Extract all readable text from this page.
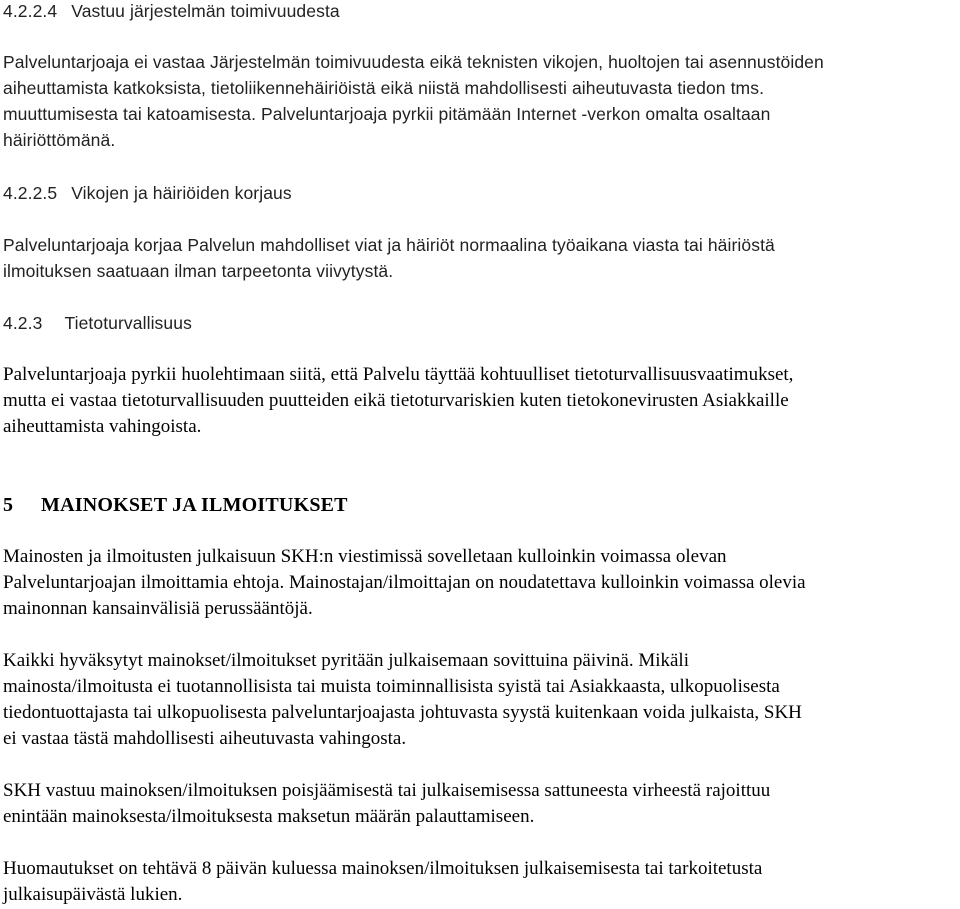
4.2.2.4 Vastuu järjestelmän toimivuudesta
Palveluntarjoaja ei vastaa Järjestelmän toimivuudesta eikä teknisten vikojen, huoltojen tai asennustöiden
aiheuttamista katkoksista, tietoliikennehäiriöistä eikä niistä mahdollisesti aiheutuvasta tiedon tms.
muuttumisesta tai katoamisesta. Palveluntarjoaja pyrkii pitämään Internet -verkon omalta osaltaan
häiriöttömänä.
4.2.2.5 Vikojen ja häiriöiden korjaus
Palveluntarjoaja korjaa Palvelun mahdolliset viat ja häiriöt normaalina työaikana viasta tai häiriöstä
ilmoituksen saatuaan ilman tarpeetonta viivytystä.
4.2.3 Tietoturvallisuus
Palveluntarjoaja pyrkii huolehtimaan siitä, että Palvelu täyttää kohtuulliset tietoturvallisuusvaatimukset,
mutta ei vastaa tietoturvallisuuden puutteiden eikä tietoturvariskien kuten tietokonevirusten Asiakkaille
aiheuttamista vahingoista.
5 MAINOKSET JA ILMOITUKSET
Mainosten ja ilmoitusten julkaisuun SKH:n viestimissä sovelletaan kulloinkin voimassa olevan
Palveluntarjoajan ilmoittamia ehtoja. Mainostajan/ilmoittajan on noudatettava kulloinkin voimassa olevia
mainonnan kansainvälisiä perussääntöjä.
Kaikki hyväksytyt mainokset/ilmoitukset pyritään julkaisemaan sovittuina päivinä. Mikäli
mainosta/ilmoitusta ei tuotannollisista tai muista toiminnallisista syistä tai Asiakkaasta, ulkopuolisesta
tiedontuottajasta tai ulkopuolisesta palveluntarjoajasta johtuvasta syystä kuitenkaan voida julkaista, SKH
ei vastaa tästä mahdollisesti aiheutuvasta vahingosta.
SKH vastuu mainoksen/ilmoituksen poisjäämisestä tai julkaisemisessa sattuneesta virheestä rajoittuu
enintään mainoksesta/ilmoituksesta maksetun määrän palauttamiseen.
Huomautukset on tehtävä 8 päivän kuluessa mainoksen/ilmoituksen julkaisemisesta tai tarkoitetusta
julkaisupäivästä lukien.
